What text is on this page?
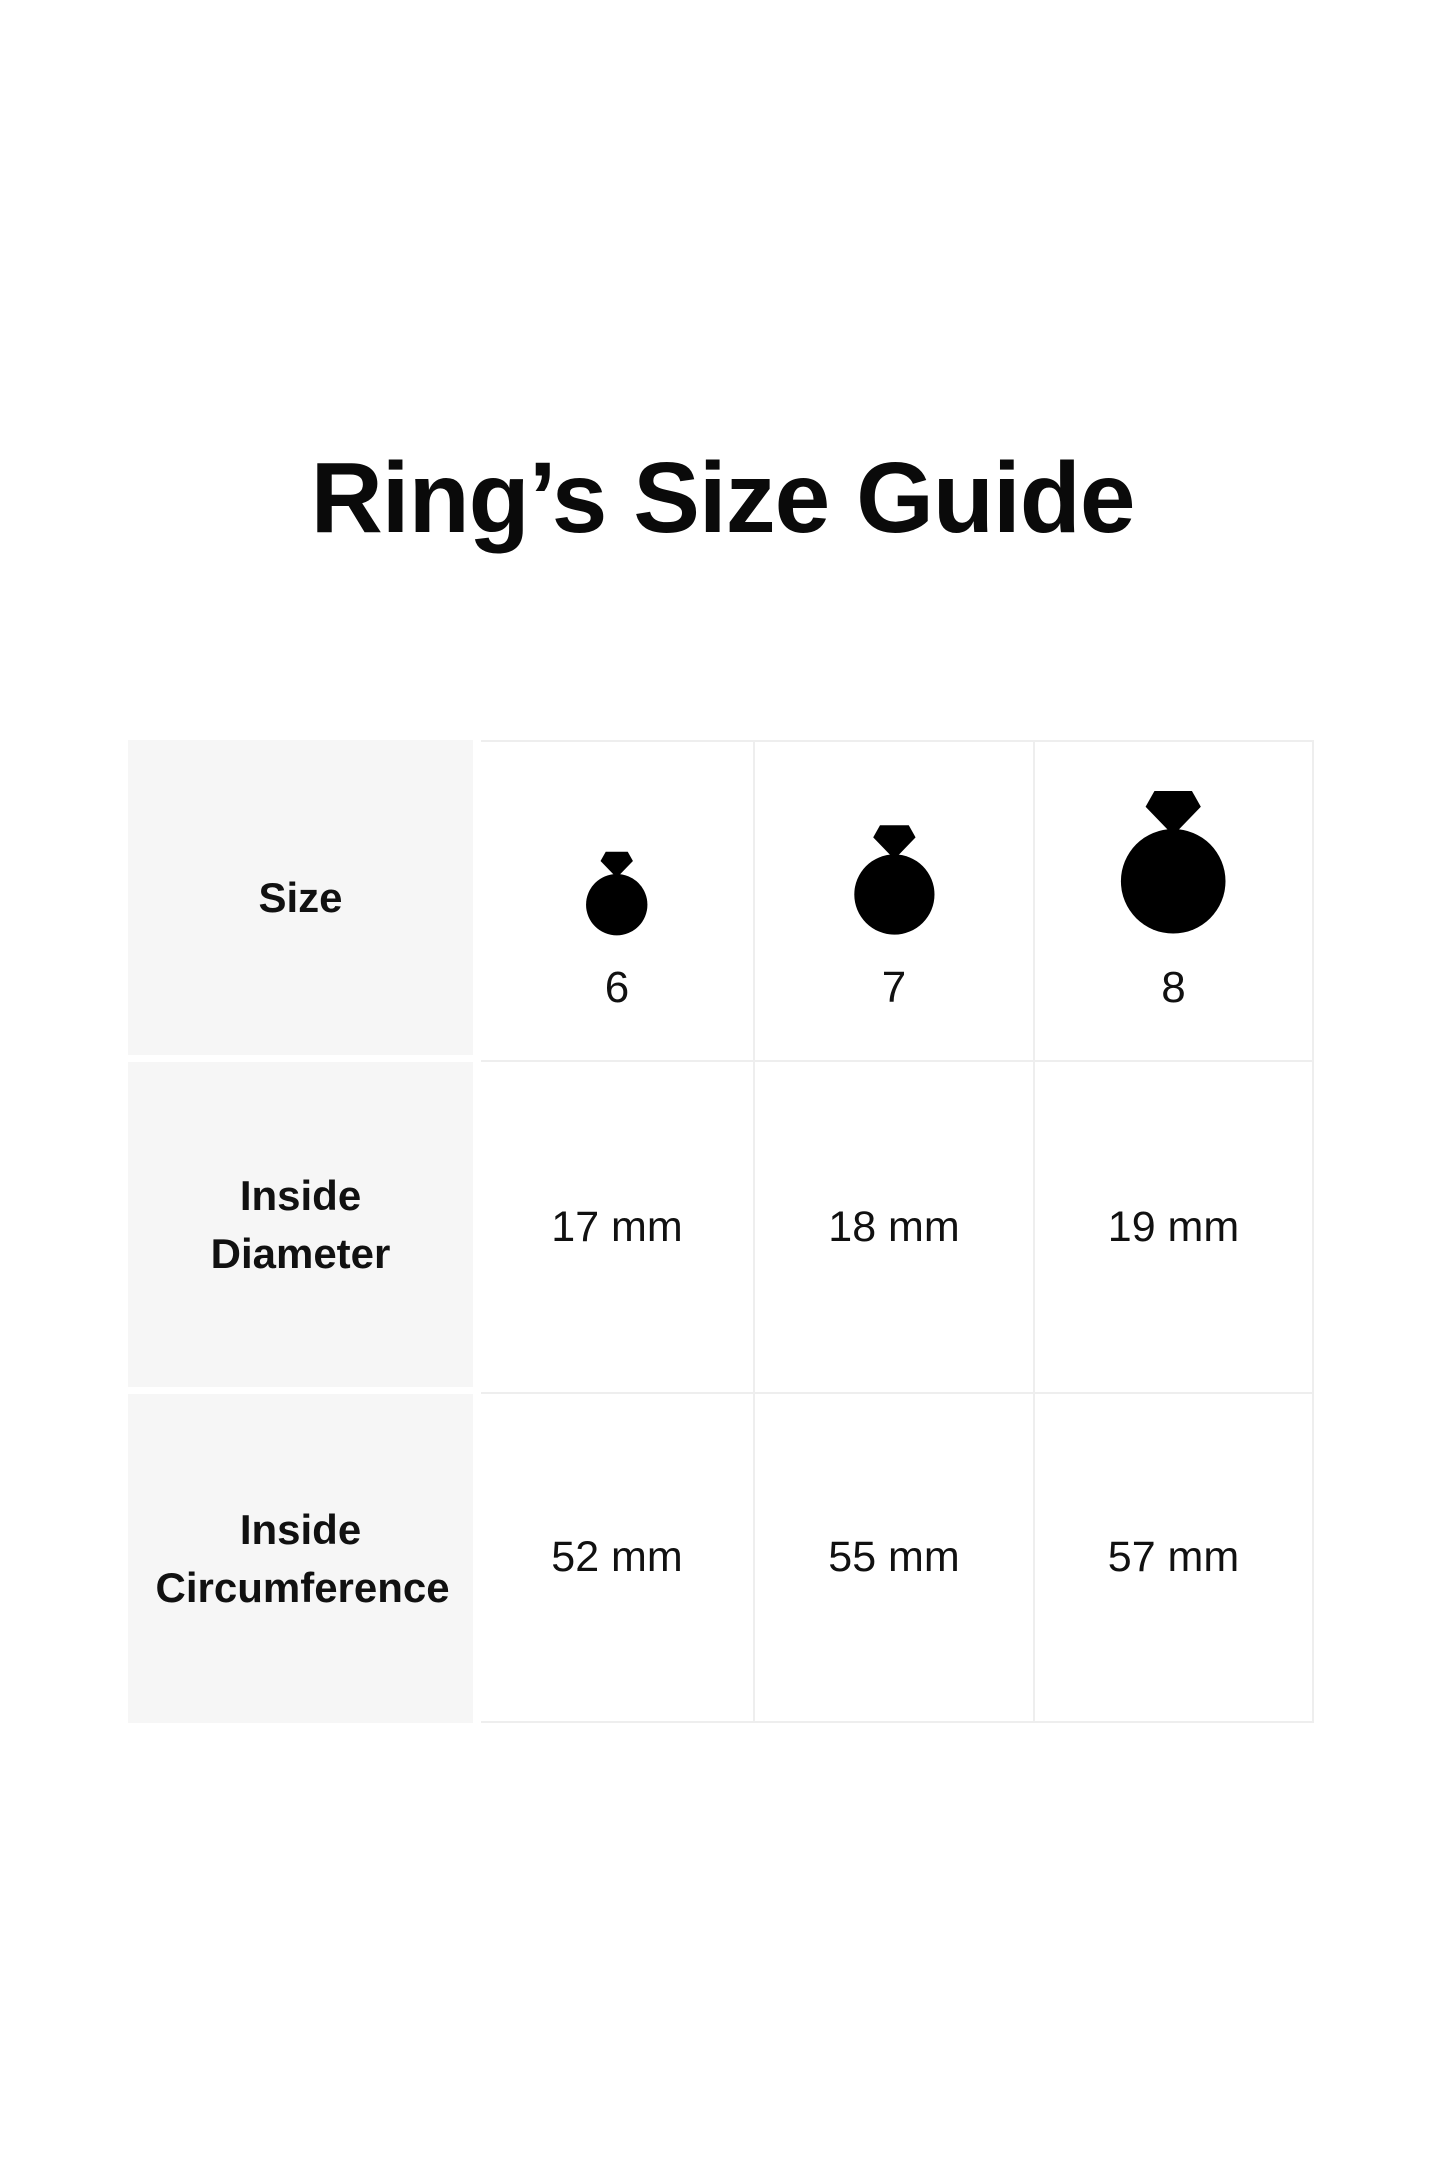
Ring’s Size Guide
Size
6	7	8
Inside Diameter
17 mm	18 mm	19 mm
Inside Circumference
52 mm	55 mm	57 mm
